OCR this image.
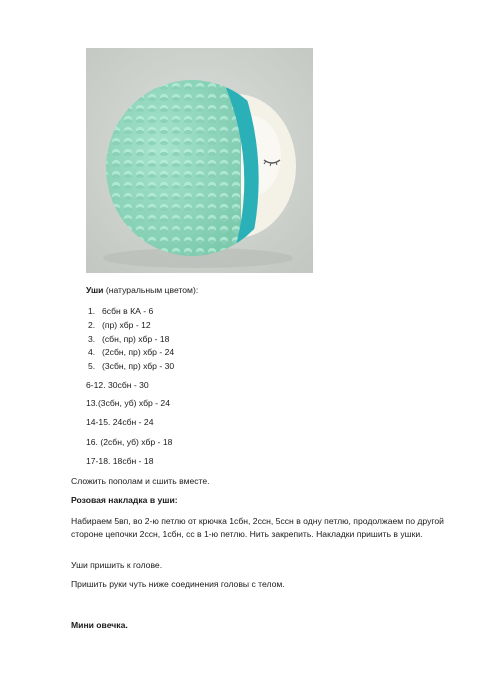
Уши (натуральным цветом):
1. 6сбн в КА - 6
2. (пр) хбр - 12
3. (сбн, пр) хбр - 18
4. (2сбн, пр) хбр - 24
5. (3сбн, пр) хбр - 30
6-12. 30сбн - 30
13.(3сбн, уб) хбр - 24
14-15. 24сбн - 24
16. (2сбн, уб) хбр - 18
17-18. 18сбн - 18
Сложить пополам и сшить вместе.
Розовая накладка в уши:
Набираем 5вп, во 2-ю петлю от крючка 1сбн, 2ссн, 5ссн в одну петлю, продолжаем по другой стороне цепочки 2ссн, 1сбн, сс в 1-ю петлю. Нить закрепить. Накладки пришить в ушки.
Уши пришить к голове.
Пришить руки чуть ниже соединения головы с телом.
Мини овечка.
